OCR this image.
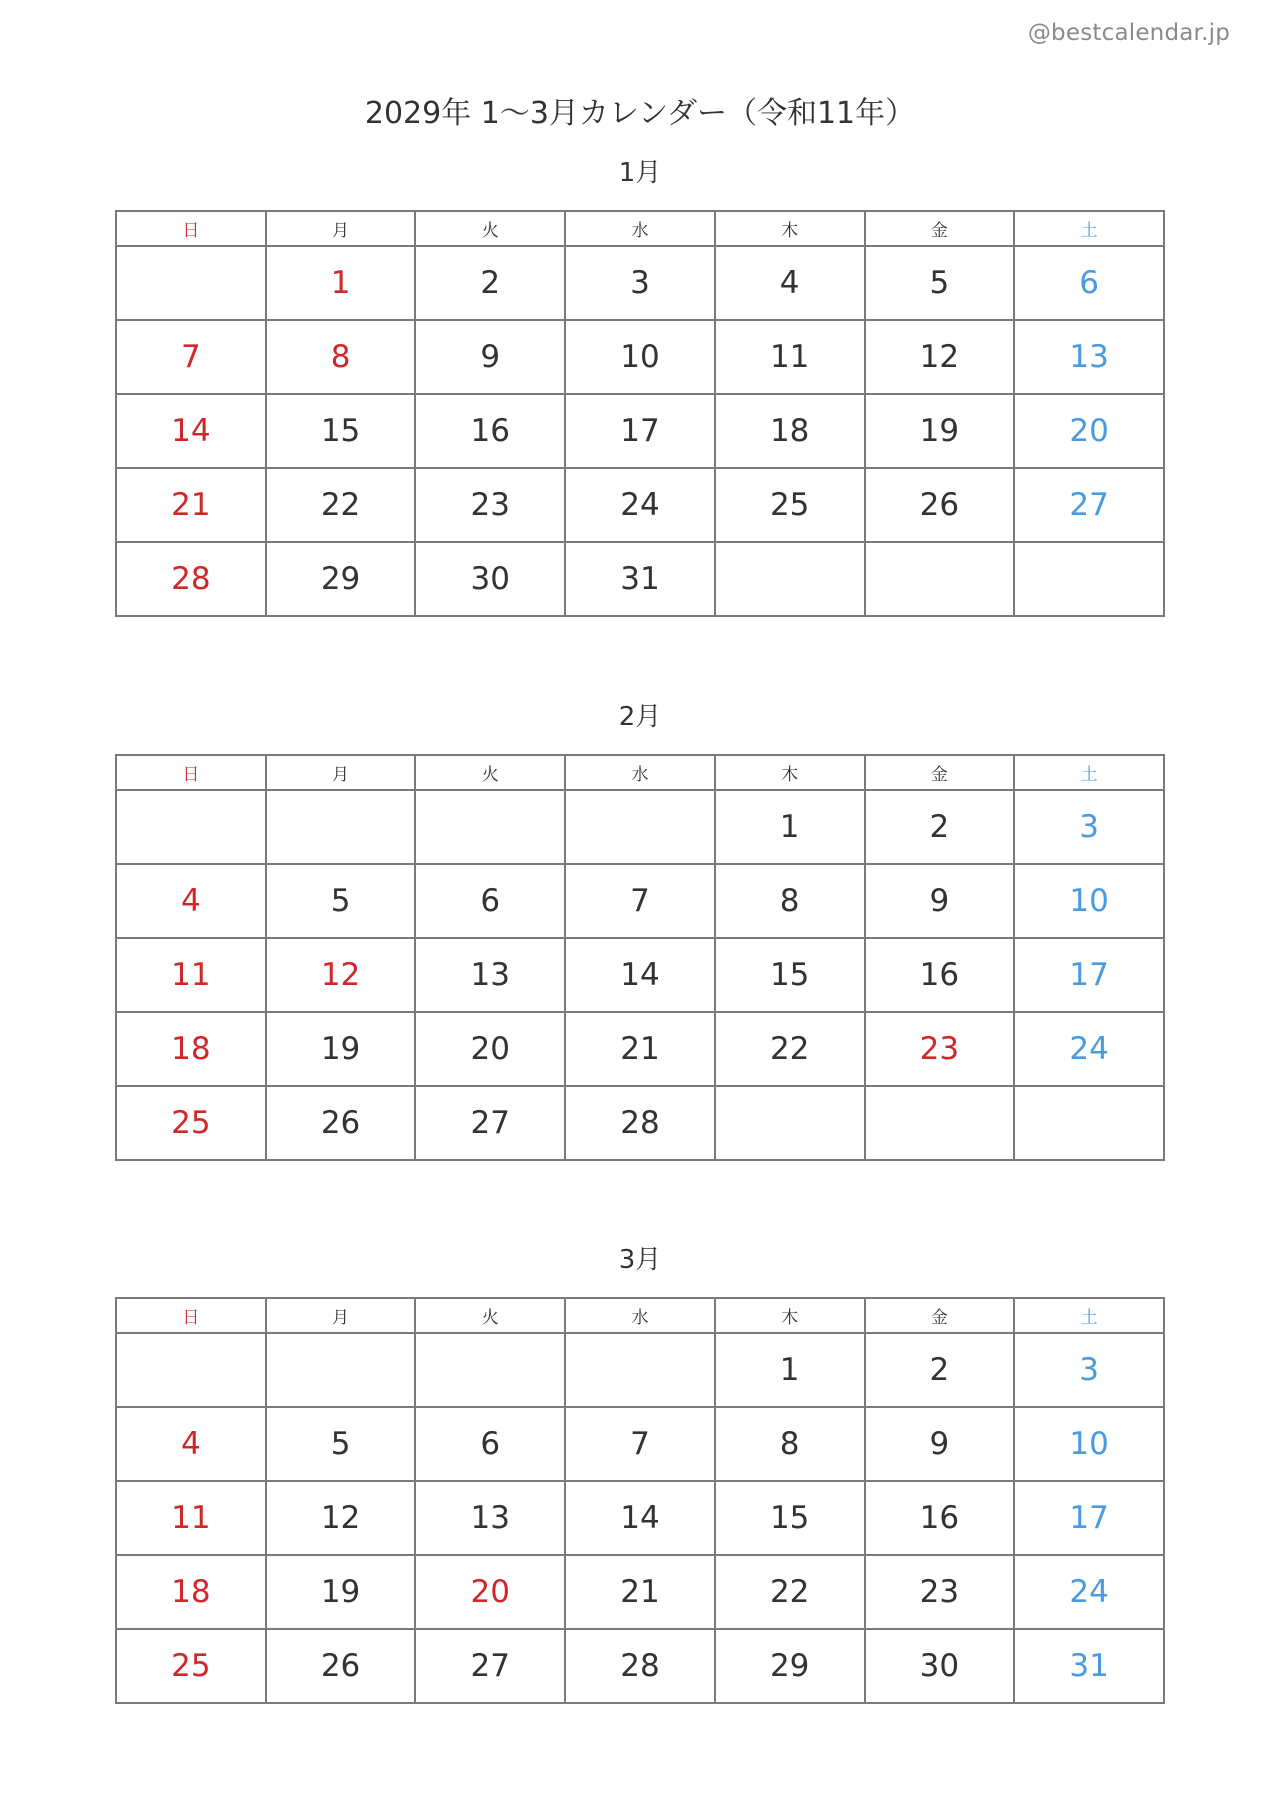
@bestcalendar.jp
2029年 1〜3月カレンダー（令和11年）
1月
日	月	火	水	木	金	土
	1	2	3	4	5	6
7	8	9	10	11	12	13
14	15	16	17	18	19	20
21	22	23	24	25	26	27
28	29	30	31			
2月
日	月	火	水	木	金	土
				1	2	3
4	5	6	7	8	9	10
11	12	13	14	15	16	17
18	19	20	21	22	23	24
25	26	27	28			
3月
日	月	火	水	木	金	土
				1	2	3
4	5	6	7	8	9	10
11	12	13	14	15	16	17
18	19	20	21	22	23	24
25	26	27	28	29	30	31
